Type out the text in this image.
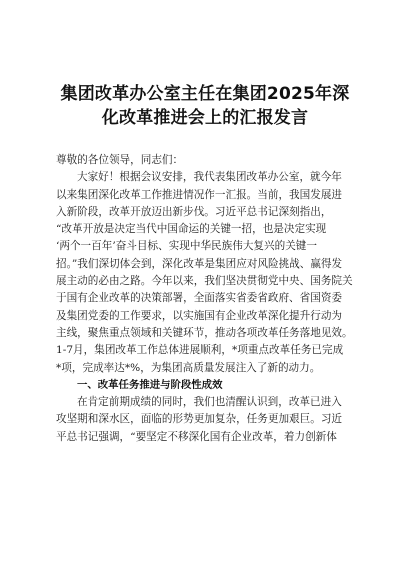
集团改革办公室主任在集团2025年深
化改革推进会上的汇报发言
尊敬的各位领导，同志们：
大家好！根据会议安排，我代表集团改革办公室，就今年
以来集团深化改革工作推进情况作一汇报。当前，我国发展进
入新阶段，改革开放迈出新步伐。习近平总书记深刻指出，
“改革开放是决定当代中国命运的关键一招，也是决定实现
‘两个一百年’奋斗目标、实现中华民族伟大复兴的关键一
招。”我们深切体会到，深化改革是集团应对风险挑战、赢得发
展主动的必由之路。今年以来，我们坚决贯彻党中央、国务院关
于国有企业改革的决策部署，全面落实省委省政府、省国资委
及集团党委的工作要求，以实施国有企业改革深化提升行动为
主线，聚焦重点领域和关键环节，推动各项改革任务落地见效。
1-7月，集团改革工作总体进展顺利，*项重点改革任务已完成
*项，完成率达*%，为集团高质量发展注入了新的动力。
一、改革任务推进与阶段性成效
在肯定前期成绩的同时，我们也清醒认识到，改革已进入
攻坚期和深水区，面临的形势更加复杂，任务更加艰巨。习近
平总书记强调，“要坚定不移深化国有企业改革，着力创新体
